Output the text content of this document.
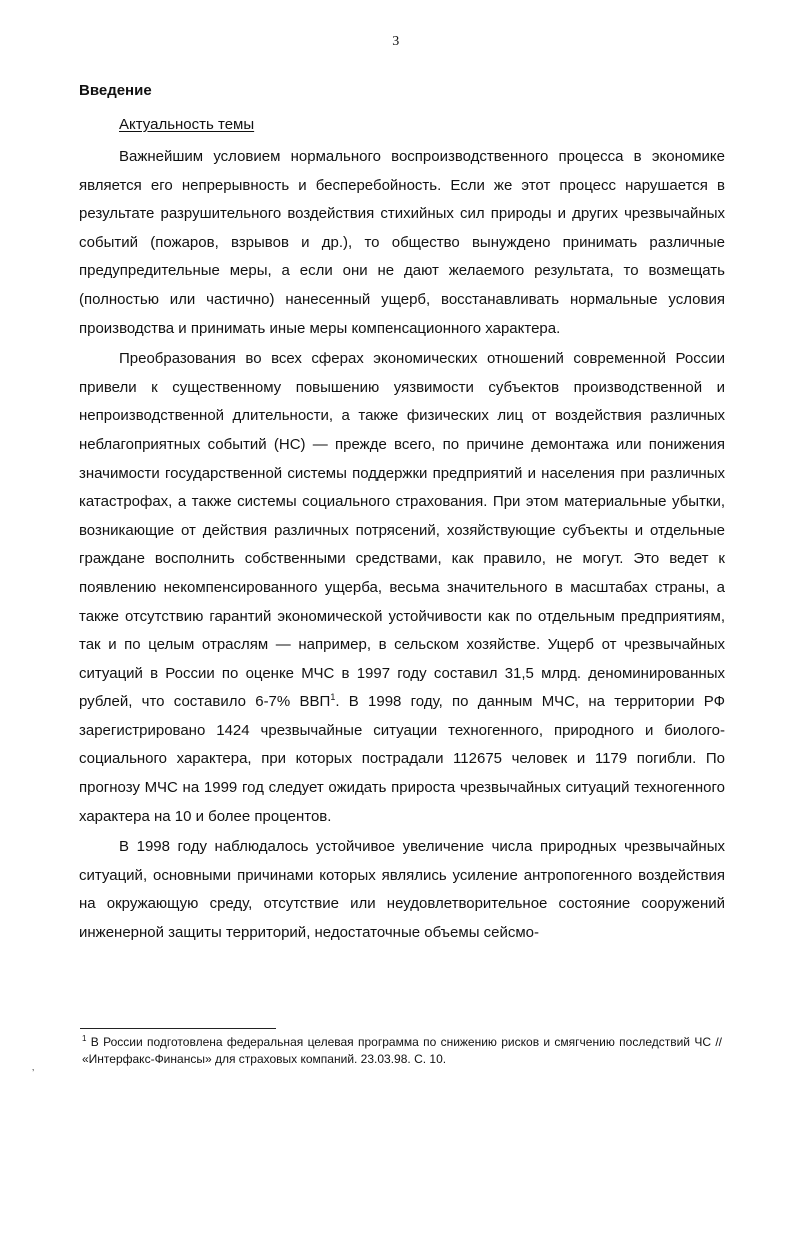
3
Введение
Актуальность темы

Важнейшим условием нормального воспроизводственного процесса в экономике является его непрерывность и бесперебойность. Если же этот процесс нарушается в результате разрушительного воздействия стихийных сил природы и других чрезвычайных событий (пожаров, взрывов и др.), то общество вынуждено принимать различные предупредительные меры, а если они не дают желаемого результата, то возмещать (полностью или частично) нанесенный ущерб, восстанавливать нормальные условия производства и принимать иные меры компенсационного характера.

Преобразования во всех сферах экономических отношений современной России привели к существенному повышению уязвимости субъектов производственной и непроизводственной длительности, а также физических лиц от воздействия различных неблагоприятных событий (НС) — прежде всего, по причине демонтажа или понижения значимости государственной системы поддержки предприятий и населения при различных катастрофах, а также системы социального страхования. При этом материальные убытки, возникающие от действия различных потрясений, хозяйствующие субъекты и отдельные граждане восполнить собственными средствами, как правило, не могут. Это ведет к появлению некомпенсированного ущерба, весьма значительного в масштабах страны, а также отсутствию гарантий экономической устойчивости как по отдельным предприятиям, так и по целым отраслям — например, в сельском хозяйстве. Ущерб от чрезвычайных ситуаций в России по оценке МЧС в 1997 году составил 31,5 млрд. деноминированных рублей, что составило 6-7% ВВП$^1$. В 1998 году, по данным МЧС, на территории РФ зарегистрировано 1424 чрезвычайные ситуации техногенного, природного и биолого-социального характера, при которых пострадали 112675 человек и 1179 погибли. По прогнозу МЧС на 1999 год следует ожидать прироста чрезвычайных ситуаций техногенного характера на 10 и более процентов.

В 1998 году наблюдалось устойчивое увеличение числа природных чрезвычайных ситуаций, основными причинами которых являлись усиление антропогенного воздействия на окружающую среду, отсутствие или неудовлетворительное состояние сооружений инженерной защиты территорий, недостаточные объемы сейсмо-

$^1$ В России подготовлена федеральная целевая программа по снижению рисков и смягчению последствий ЧС // «Интерфакс-Финансы» для страховых компаний. 23.03.98. С. 10.
‚
